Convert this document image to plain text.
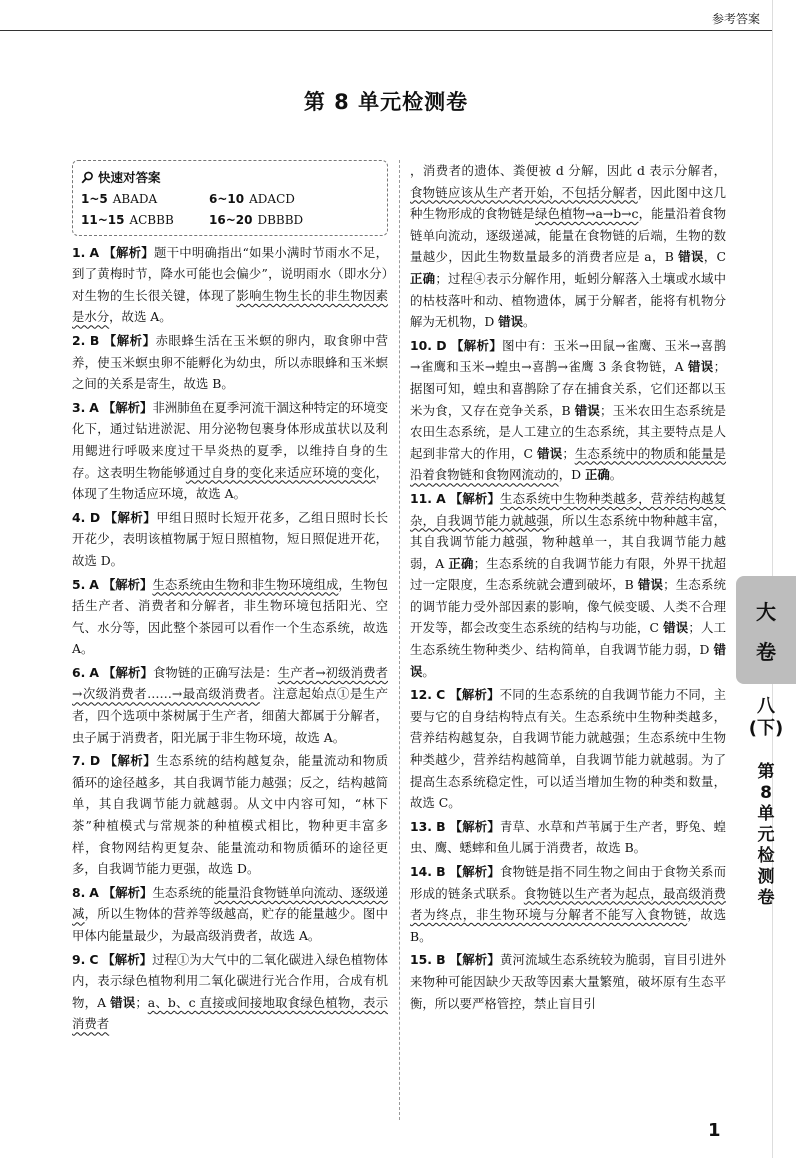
参考答案
第 8 单元检测卷
快速对答案
1~5 ABADA	6~10 ADACD
11~15 ACBBB	16~20 DBBBD

1. A 【解析】题干中明确指出“如果小满时节雨水不足，到了黄梅时节，降水可能也会偏少”，说明雨水（即水分）对生物的生长很关键，体现了影响生物生长的非生物因素是水分，故选 A。

2. B 【解析】赤眼蜂生活在玉米螟的卵内，取食卵中营养，使玉米螟虫卵不能孵化为幼虫，所以赤眼蜂和玉米螟之间的关系是寄生，故选 B。

3. A 【解析】非洲肺鱼在夏季河流干涸这种特定的环境变化下，通过钻进淤泥、用分泌物包裹身体形成茧状以及利用鳃进行呼吸来度过干旱炎热的夏季，以维持自身的生存。这表明生物能够通过自身的变化来适应环境的变化，体现了生物适应环境，故选 A。

4. D 【解析】甲组日照时长短开花多，乙组日照时长长开花少，表明该植物属于短日照植物，短日照促进开花，故选 D。

5. A 【解析】生态系统由生物和非生物环境组成，生物包括生产者、消费者和分解者，非生物环境包括阳光、空气、水分等，因此整个茶园可以看作一个生态系统，故选 A。

6. A 【解析】食物链的正确写法是：生产者→初级消费者→次级消费者……→最高级消费者。注意起始点①是生产者，四个选项中茶树属于生产者，细菌大都属于分解者，虫子属于消费者，阳光属于非生物环境，故选 A。

7. D 【解析】生态系统的结构越复杂，能量流动和物质循环的途径越多，其自我调节能力越强；反之，结构越简单，其自我调节能力就越弱。从文中内容可知，“林下茶”种植模式与常规茶的种植模式相比，物种更丰富多样，食物网结构更复杂、能量流动和物质循环的途径更多，自我调节能力更强，故选 D。

8. A 【解析】生态系统的能量沿食物链单向流动、逐级递减，所以生物体的营养等级越高，贮存的能量越少。图中甲体内能量最少，为最高级消费者，故选 A。

9. C 【解析】过程①为大气中的二氧化碳进入绿色植物体内，表示绿色植物利用二氧化碳进行光合作用，合成有机物，A 错误；a、b、c 直接或间接地取食绿色植物，表示消费者

，消费者的遗体、粪便被 d 分解，因此 d 表示分解者，食物链应该从生产者开始，不包括分解者，因此图中这几种生物形成的食物链是绿色植物→a→b→c，能量沿着食物链单向流动，逐级递减，能量在食物链的后端，生物的数量越少，因此生物数量最多的消费者应是 a，B 错误，C 正确；过程④表示分解作用，蚯蚓分解落入土壤或水域中的枯枝落叶和动、植物遗体，属于分解者，能将有机物分解为无机物，D 错误。

10. D 【解析】图中有：玉米→田鼠→雀鹰、玉米→喜鹊→雀鹰和玉米→蝗虫→喜鹊→雀鹰 3 条食物链，A 错误；据图可知，蝗虫和喜鹊除了存在捕食关系，它们还都以玉米为食，又存在竞争关系，B 错误；玉米农田生态系统是农田生态系统，是人工建立的生态系统，其主要特点是人起到非常大的作用，C 错误；生态系统中的物质和能量是沿着食物链和食物网流动的，D 正确。

11. A 【解析】生态系统中生物种类越多，营养结构越复杂，自我调节能力就越强，所以生态系统中物种越丰富，其自我调节能力越强，物种越单一，其自我调节能力越弱，A 正确；生态系统的自我调节能力有限，外界干扰超过一定限度，生态系统就会遭到破坏，B 错误；生态系统的调节能力受外部因素的影响，像气候变暖、人类不合理开发等，都会改变生态系统的结构与功能，C 错误；人工生态系统生物种类少、结构简单，自我调节能力弱，D 错误。

12. C 【解析】不同的生态系统的自我调节能力不同，主要与它的自身结构特点有关。生态系统中生物种类越多，营养结构越复杂，自我调节能力就越强；生态系统中生物种类越少，营养结构越简单，自我调节能力就越弱。为了提高生态系统稳定性，可以适当增加生物的种类和数量，故选 C。

13. B 【解析】青草、水草和芦苇属于生产者，野兔、蝗虫、鹰、蟋蟀和鱼儿属于消费者，故选 B。

14. B 【解析】食物链是指不同生物之间由于食物关系而形成的链条式联系。食物链以生产者为起点，最高级消费者为终点，非生物环境与分解者不能写入食物链，故选 B。

15. B 【解析】黄河流域生态系统较为脆弱，盲目引进外来物种可能因缺少天敌等因素大量繁殖，破坏原有生态平衡，所以要严格管控，禁止盲目引

大
卷
八(下)
第8单元检测卷
1
